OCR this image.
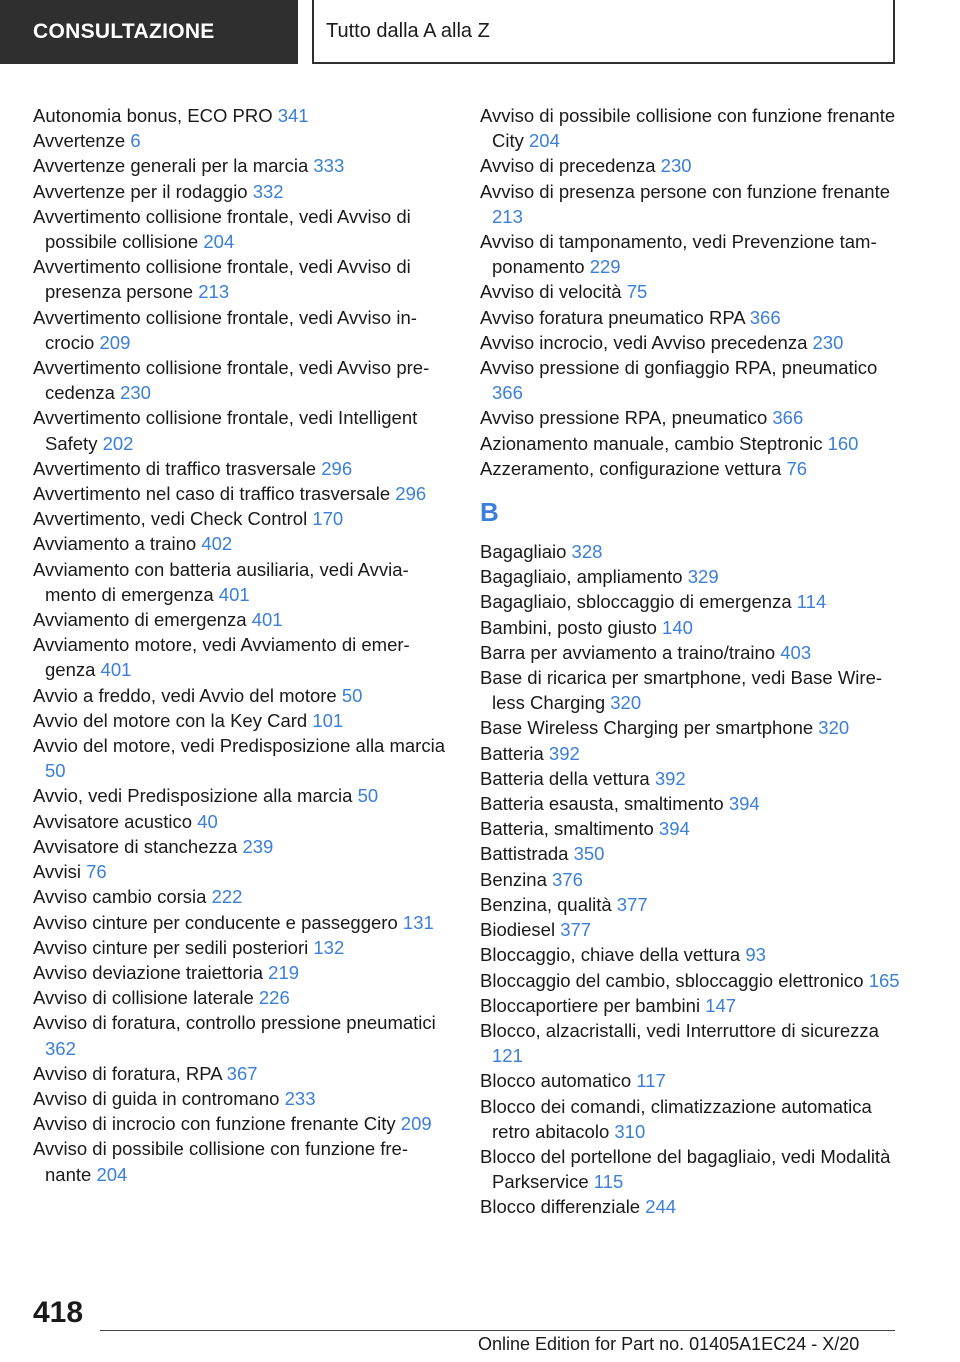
CONSULTAZIONE	Tutto dalla A alla Z
Autonomia bonus, ECO PRO 341
Avvertenze 6
Avvertenze generali per la marcia 333
Avvertenze per il rodaggio 332
Avvertimento collisione frontale, vedi Avviso di possibile collisione 204
Avvertimento collisione frontale, vedi Avviso di presenza persone 213
Avvertimento collisione frontale, vedi Avviso incrocio 209
Avvertimento collisione frontale, vedi Avviso precedenza 230
Avvertimento collisione frontale, vedi Intelligent Safety 202
Avvertimento di traffico trasversale 296
Avvertimento nel caso di traffico trasversale 296
Avvertimento, vedi Check Control 170
Avviamento a traino 402
Avviamento con batteria ausiliaria, vedi Avviamento di emergenza 401
Avviamento di emergenza 401
Avviamento motore, vedi Avviamento di emergenza 401
Avvio a freddo, vedi Avvio del motore 50
Avvio del motore con la Key Card 101
Avvio del motore, vedi Predisposizione alla marcia 50
Avvio, vedi Predisposizione alla marcia 50
Avvisatore acustico 40
Avvisatore di stanchezza 239
Avvisi 76
Avviso cambio corsia 222
Avviso cinture per conducente e passeggero 131
Avviso cinture per sedili posteriori 132
Avviso deviazione traiettoria 219
Avviso di collisione laterale 226
Avviso di foratura, controllo pressione pneumatici 362
Avviso di foratura, RPA 367
Avviso di guida in contromano 233
Avviso di incrocio con funzione frenante City 209
Avviso di possibile collisione con funzione frenante 204
Avviso di possibile collisione con funzione frenante City 204
Avviso di precedenza 230
Avviso di presenza persone con funzione frenante 213
Avviso di tamponamento, vedi Prevenzione tamponamento 229
Avviso di velocità 75
Avviso foratura pneumatico RPA 366
Avviso incrocio, vedi Avviso precedenza 230
Avviso pressione di gonfiaggio RPA, pneumatico 366
Avviso pressione RPA, pneumatico 366
Azionamento manuale, cambio Steptronic 160
Azzeramento, configurazione vettura 76
B
Bagagliaio 328
Bagagliaio, ampliamento 329
Bagagliaio, sbloccaggio di emergenza 114
Bambini, posto giusto 140
Barra per avviamento a traino/traino 403
Base di ricarica per smartphone, vedi Base Wireless Charging 320
Base Wireless Charging per smartphone 320
Batteria 392
Batteria della vettura 392
Batteria esausta, smaltimento 394
Batteria, smaltimento 394
Battistrada 350
Benzina 376
Benzina, qualità 377
Biodiesel 377
Bloccaggio, chiave della vettura 93
Bloccaggio del cambio, sbloccaggio elettronico 165
Bloccaportiere per bambini 147
Blocco, alzacristalli, vedi Interruttore di sicurezza 121
Blocco automatico 117
Blocco dei comandi, climatizzazione automatica retro abitacolo 310
Blocco del portellone del bagagliaio, vedi Modalità Parkservice 115
Blocco differenziale 244
418
Online Edition for Part no. 01405A1EC24 - X/20
